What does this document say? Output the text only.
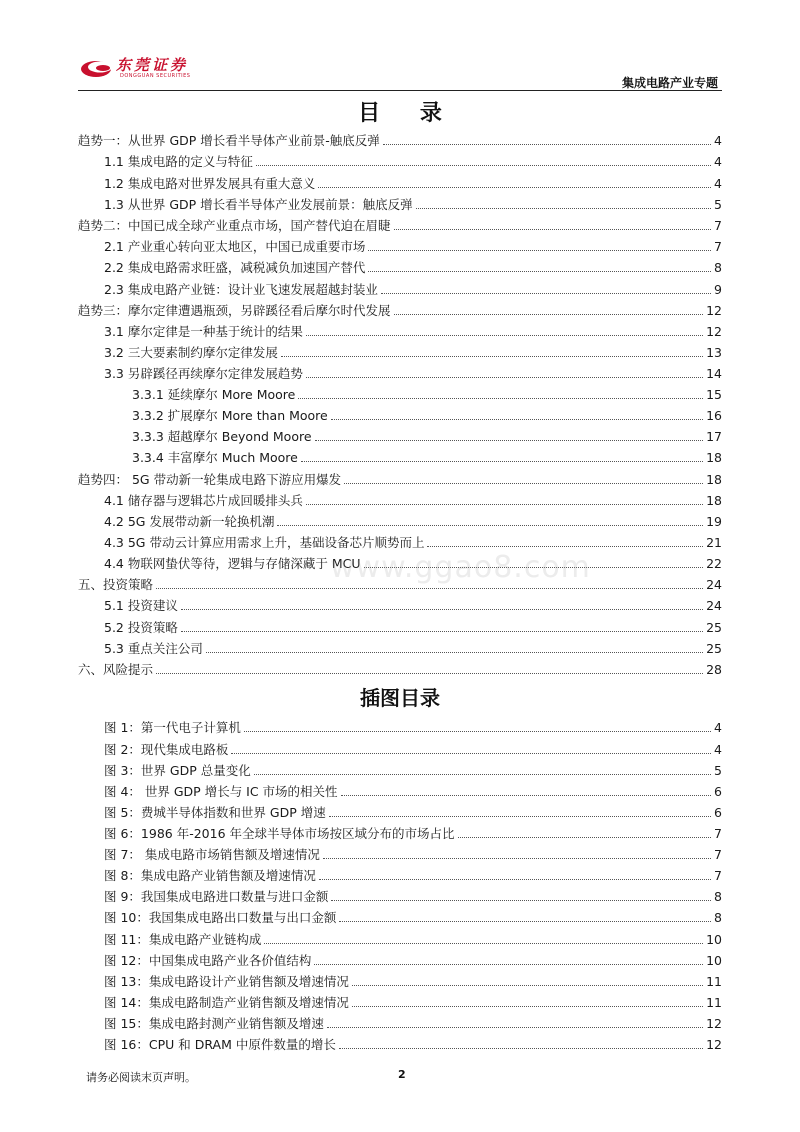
东莞证券
DONGGUAN SECURITIES	集成电路产业专题
目 录
趋势一：从世界 GDP 增长看半导体产业前景-触底反弹	4
1.1 集成电路的定义与特征	4
1.2 集成电路对世界发展具有重大意义	4
1.3 从世界 GDP 增长看半导体产业发展前景：触底反弹	5
趋势二：中国已成全球产业重点市场，国产替代迫在眉睫	7
2.1 产业重心转向亚太地区，中国已成重要市场	7
2.2 集成电路需求旺盛，减税减负加速国产替代	8
2.3 集成电路产业链：设计业飞速发展超越封装业	9
趋势三：摩尔定律遭遇瓶颈，另辟蹊径看后摩尔时代发展	12
3.1 摩尔定律是一种基于统计的结果	12
3.2 三大要素制约摩尔定律发展	13
3.3 另辟蹊径再续摩尔定律发展趋势	14
3.3.1 延续摩尔 More Moore	15
3.3.2 扩展摩尔 More than Moore	16
3.3.3 超越摩尔 Beyond Moore	17
3.3.4 丰富摩尔 Much Moore	18
趋势四： 5G 带动新一轮集成电路下游应用爆发	18
4.1 储存器与逻辑芯片成回暖排头兵	18
4.2 5G 发展带动新一轮换机潮	19
4.3 5G 带动云计算应用需求上升，基础设备芯片顺势而上	21
4.4 物联网蛰伏等待，逻辑与存储深藏于 MCU	22
五、投资策略	24
5.1 投资建议	24
5.2 投资策略	25
5.3 重点关注公司	25
六、风险提示	28
插图目录
图 1：第一代电子计算机	4
图 2：现代集成电路板	4
图 3：世界 GDP 总量变化	5
图 4： 世界 GDP 增长与 IC 市场的相关性	6
图 5：费城半导体指数和世界 GDP 增速	6
图 6：1986 年-2016 年全球半导体市场按区域分布的市场占比	7
图 7： 集成电路市场销售额及增速情况	7
图 8：集成电路产业销售额及增速情况	7
图 9：我国集成电路进口数量与进口金额	8
图 10：我国集成电路出口数量与出口金额	8
图 11：集成电路产业链构成	10
图 12：中国集成电路产业各价值结构	10
图 13：集成电路设计产业销售额及增速情况	11
图 14：集成电路制造产业销售额及增速情况	11
图 15：集成电路封测产业销售额及增速	12
图 16：CPU 和 DRAM 中原件数量的增长	12
www.ggao8.com
请务必阅读末页声明。	2
